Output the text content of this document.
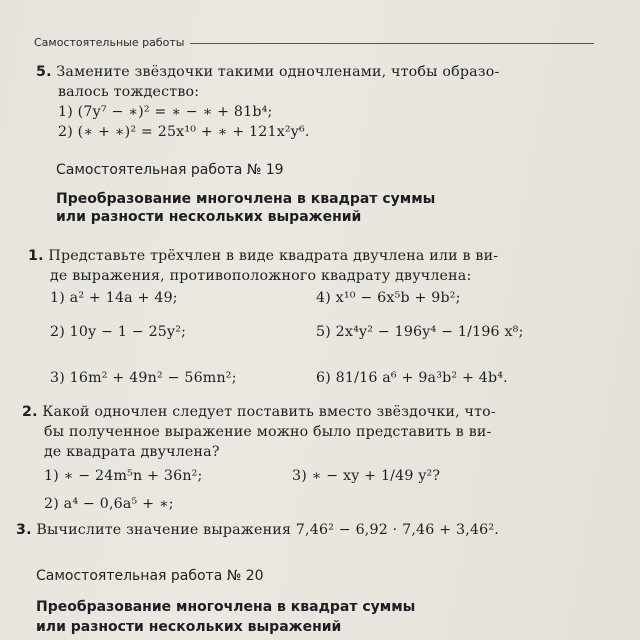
Самостоятельные работы
5. Замените звёздочки такими одночленами, чтобы образо-
валось тождество:
1) (7y⁷ − ∗)² = ∗ − ∗ + 81b⁴;
2) (∗ + ∗)² = 25x¹⁰ + ∗ + 121x²y⁶.
Самостоятельная работа № 19
Преобразование многочлена в квадрат суммы
или разности нескольких выражений
1. Представьте трёхчлен в виде квадрата двучлена или в ви-
де выражения, противоположного квадрату двучлена:
1) a² + 14a + 49;	4) x¹⁰ − 6x⁵b + 9b²;
2) 10y − 1 − 25y²;	5) 2x⁴y² − 196y⁴ − 1/196 x⁸;
3) 16m² + 49n² − 56mn²;	6) 81/16 a⁶ + 9a³b² + 4b⁴.
2. Какой одночлен следует поставить вместо звёздочки, что-
бы полученное выражение можно было представить в ви-
де квадрата двучлена?
1) ∗ − 24m⁵n + 36n²;	3) ∗ − xy + 1/49 y²?
2) a⁴ − 0,6a⁵ + ∗;
3. Вычислите значение выражения 7,46² − 6,92 · 7,46 + 3,46².
Самостоятельная работа № 20
Преобразование многочлена в квадрат суммы
или разности нескольких выражений
